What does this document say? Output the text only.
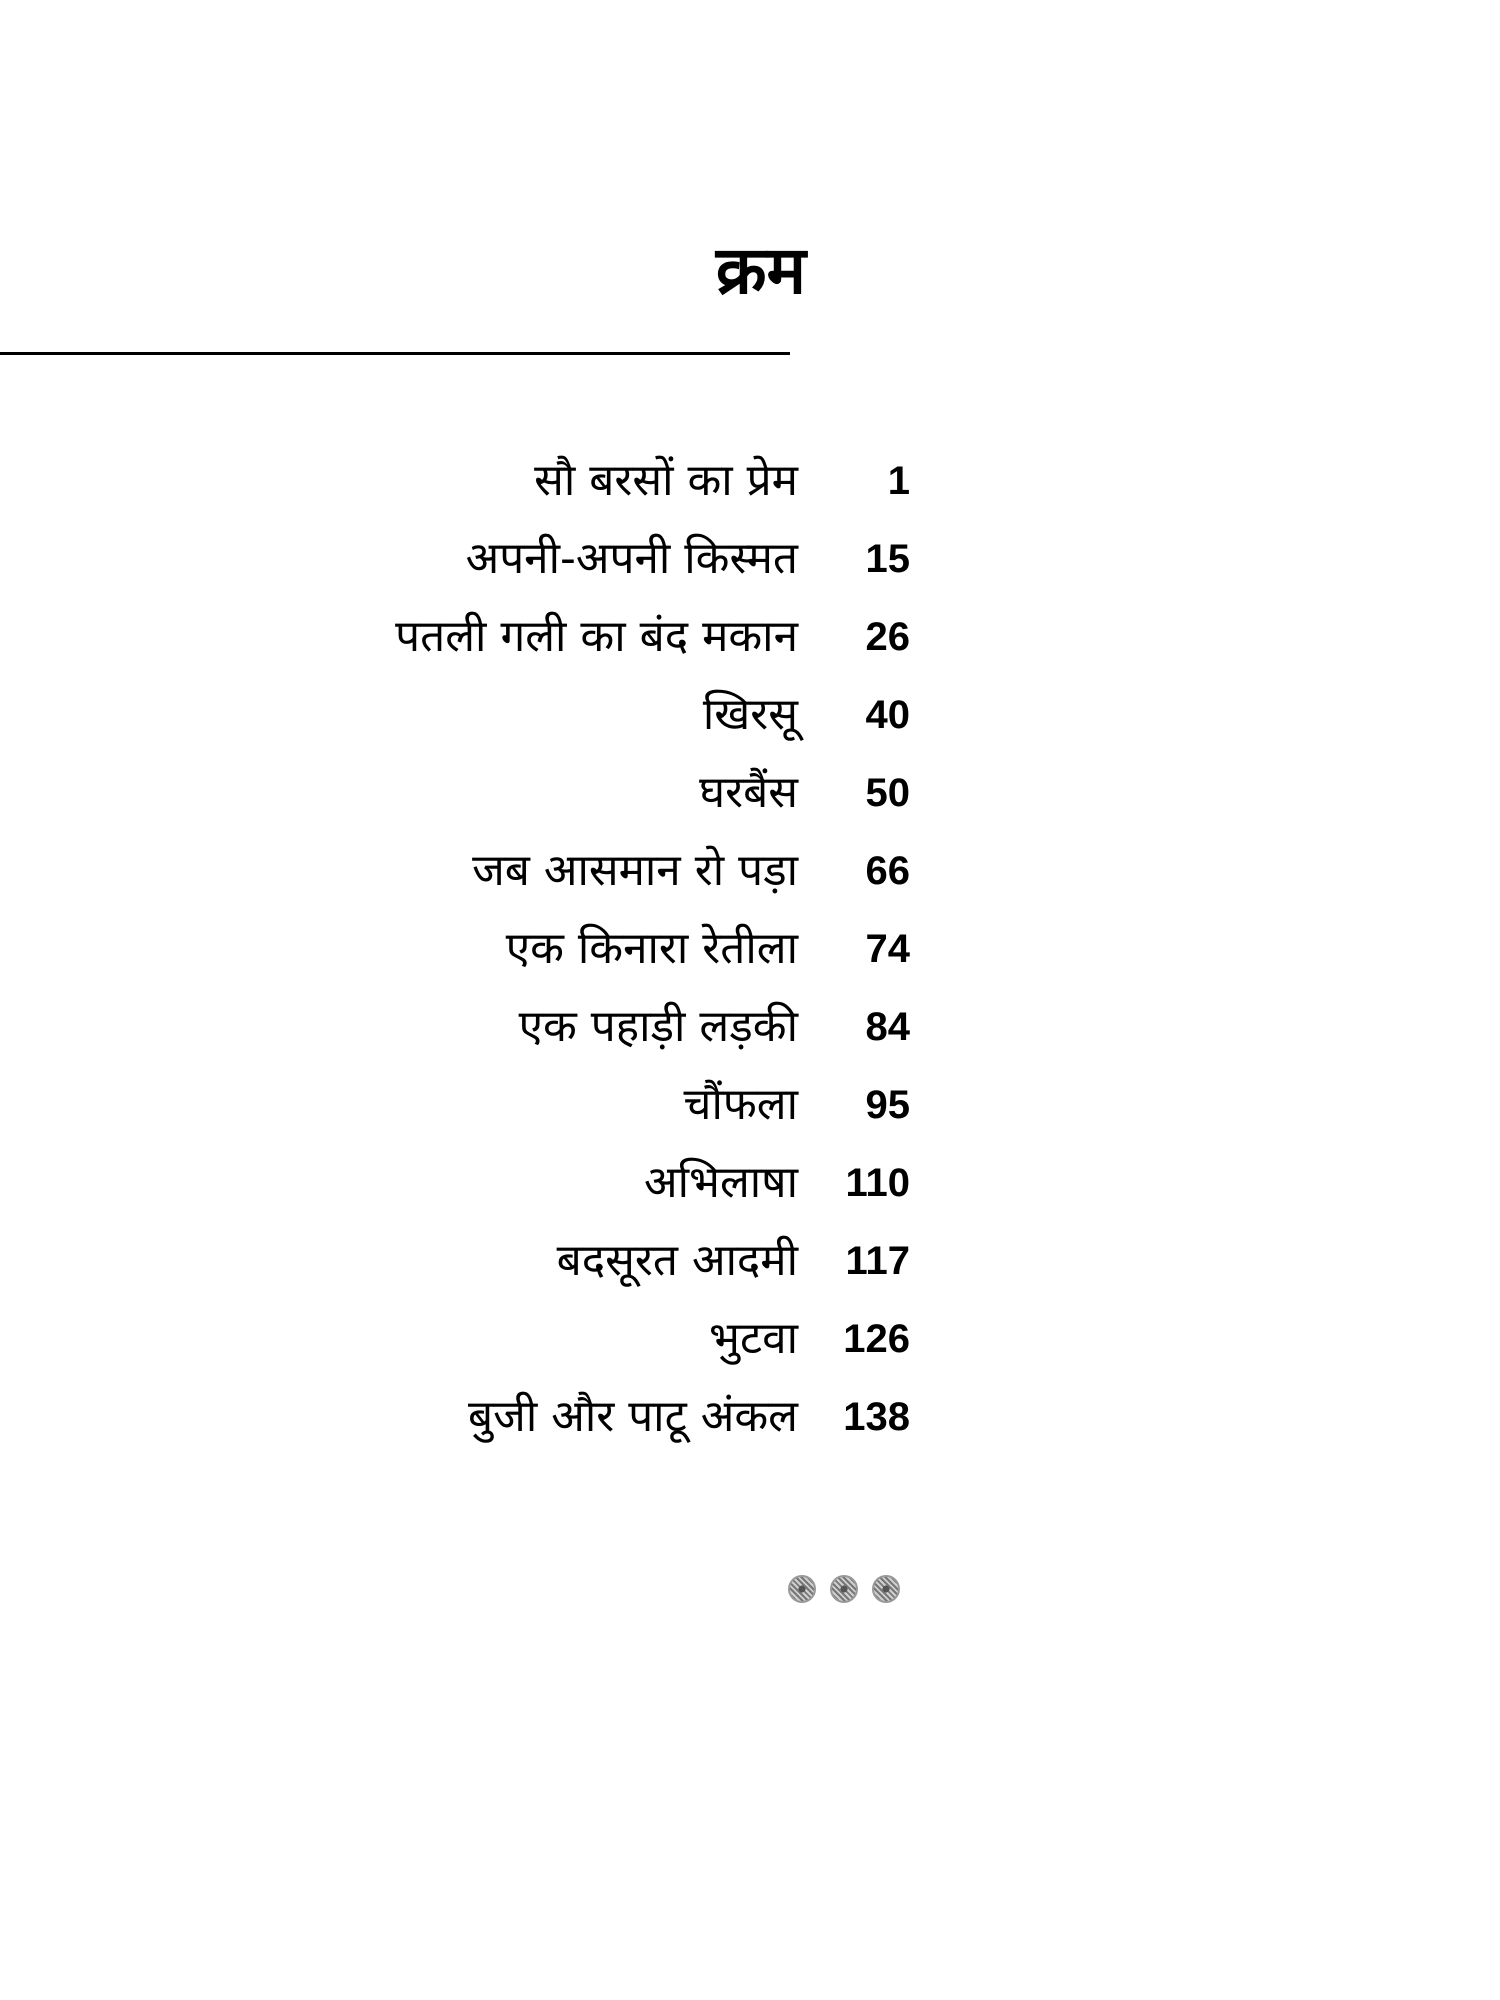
क्रम
सौ बरसों का प्रेम 1
अपनी-अपनी किस्मत 15
पतली गली का बंद मकान 26
खिरसू 40
घरबैंस 50
जब आसमान रो पड़ा 66
एक किनारा रेतीला 74
एक पहाड़ी लड़की 84
चौंफला 95
अभिलाषा 110
बदसूरत आदमी 117
भुटवा 126
बुजी और पाटू अंकल 138
